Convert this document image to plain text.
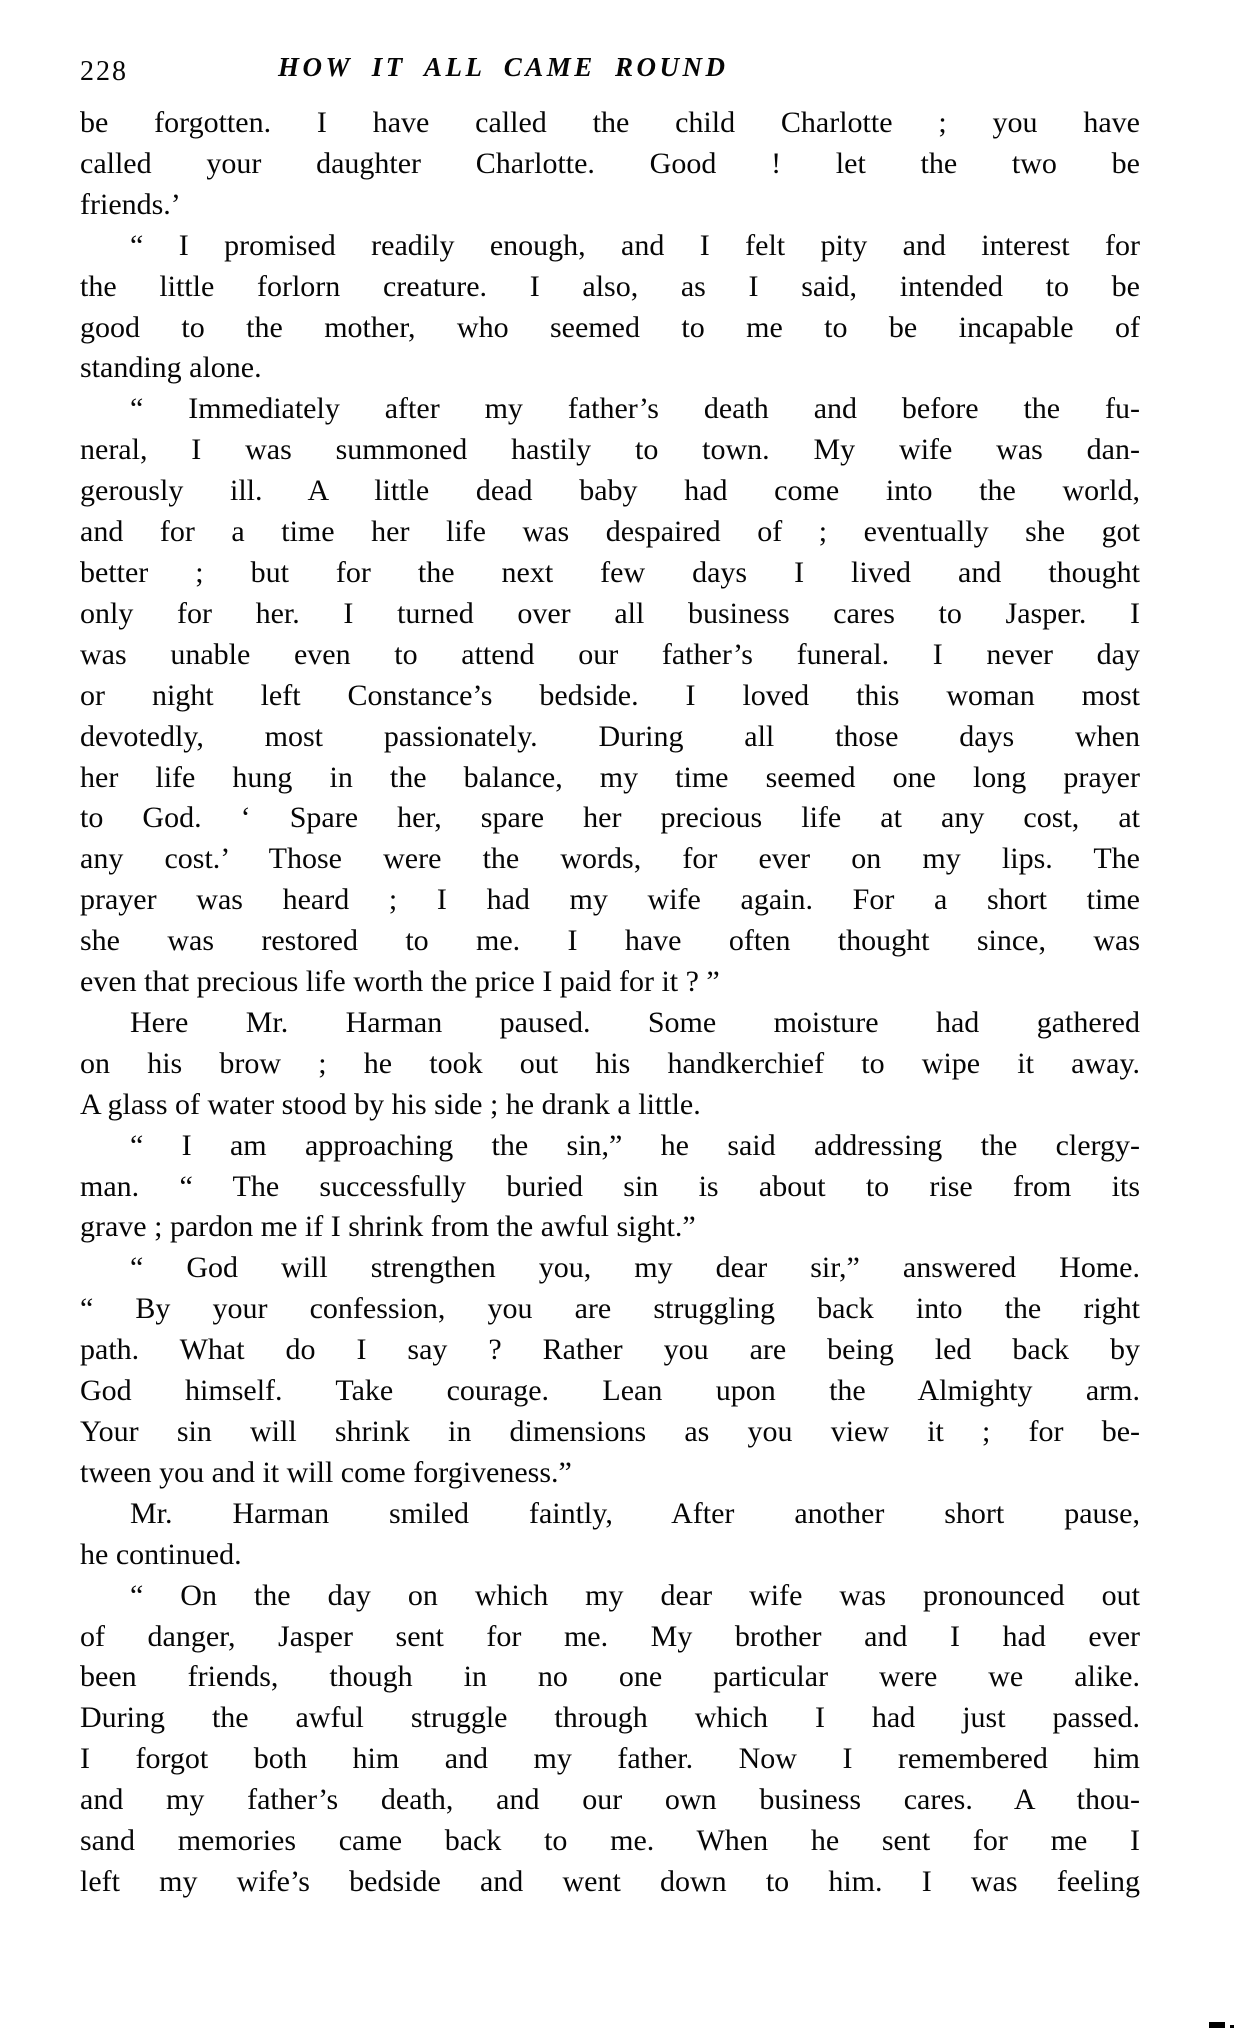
228	HOW IT ALL CAME ROUND
be forgotten. I have called the child Charlotte ; you have
called your daughter Charlotte. Good ! let the two be
friends.’
“ I promised readily enough, and I felt pity and interest for
the little forlorn creature. I also, as I said, intended to be
good to the mother, who seemed to me to be incapable of
standing alone.
“ Immediately after my father’s death and before the fu-
neral, I was summoned hastily to town. My wife was dan-
gerously ill. A little dead baby had come into the world,
and for a time her life was despaired of ; eventually she got
better ; but for the next few days I lived and thought
only for her. I turned over all business cares to Jasper. I
was unable even to attend our father’s funeral. I never day
or night left Constance’s bedside. I loved this woman most
devotedly, most passionately. During all those days when
her life hung in the balance, my time seemed one long prayer
to God. ‘ Spare her, spare her precious life at any cost, at
any cost.’ Those were the words, for ever on my lips. The
prayer was heard ; I had my wife again. For a short time
she was restored to me. I have often thought since, was
even that precious life worth the price I paid for it ? ”
Here Mr. Harman paused. Some moisture had gathered
on his brow ; he took out his handkerchief to wipe it away.
A glass of water stood by his side ; he drank a little.
“ I am approaching the sin,” he said addressing the clergy-
man. “ The successfully buried sin is about to rise from its
grave ; pardon me if I shrink from the awful sight.”
“ God will strengthen you, my dear sir,” answered Home.
“ By your confession, you are struggling back into the right
path. What do I say ? Rather you are being led back by
God himself. Take courage. Lean upon the Almighty arm.
Your sin will shrink in dimensions as you view it ; for be-
tween you and it will come forgiveness.”
Mr. Harman smiled faintly, After another short pause,
he continued.
“ On the day on which my dear wife was pronounced out
of danger, Jasper sent for me. My brother and I had ever
been friends, though in no one particular were we alike.
During the awful struggle through which I had just passed.
I forgot both him and my father. Now I remembered him
and my father’s death, and our own business cares. A thou-
sand memories came back to me. When he sent for me I
left my wife’s bedside and went down to him. I was feeling
